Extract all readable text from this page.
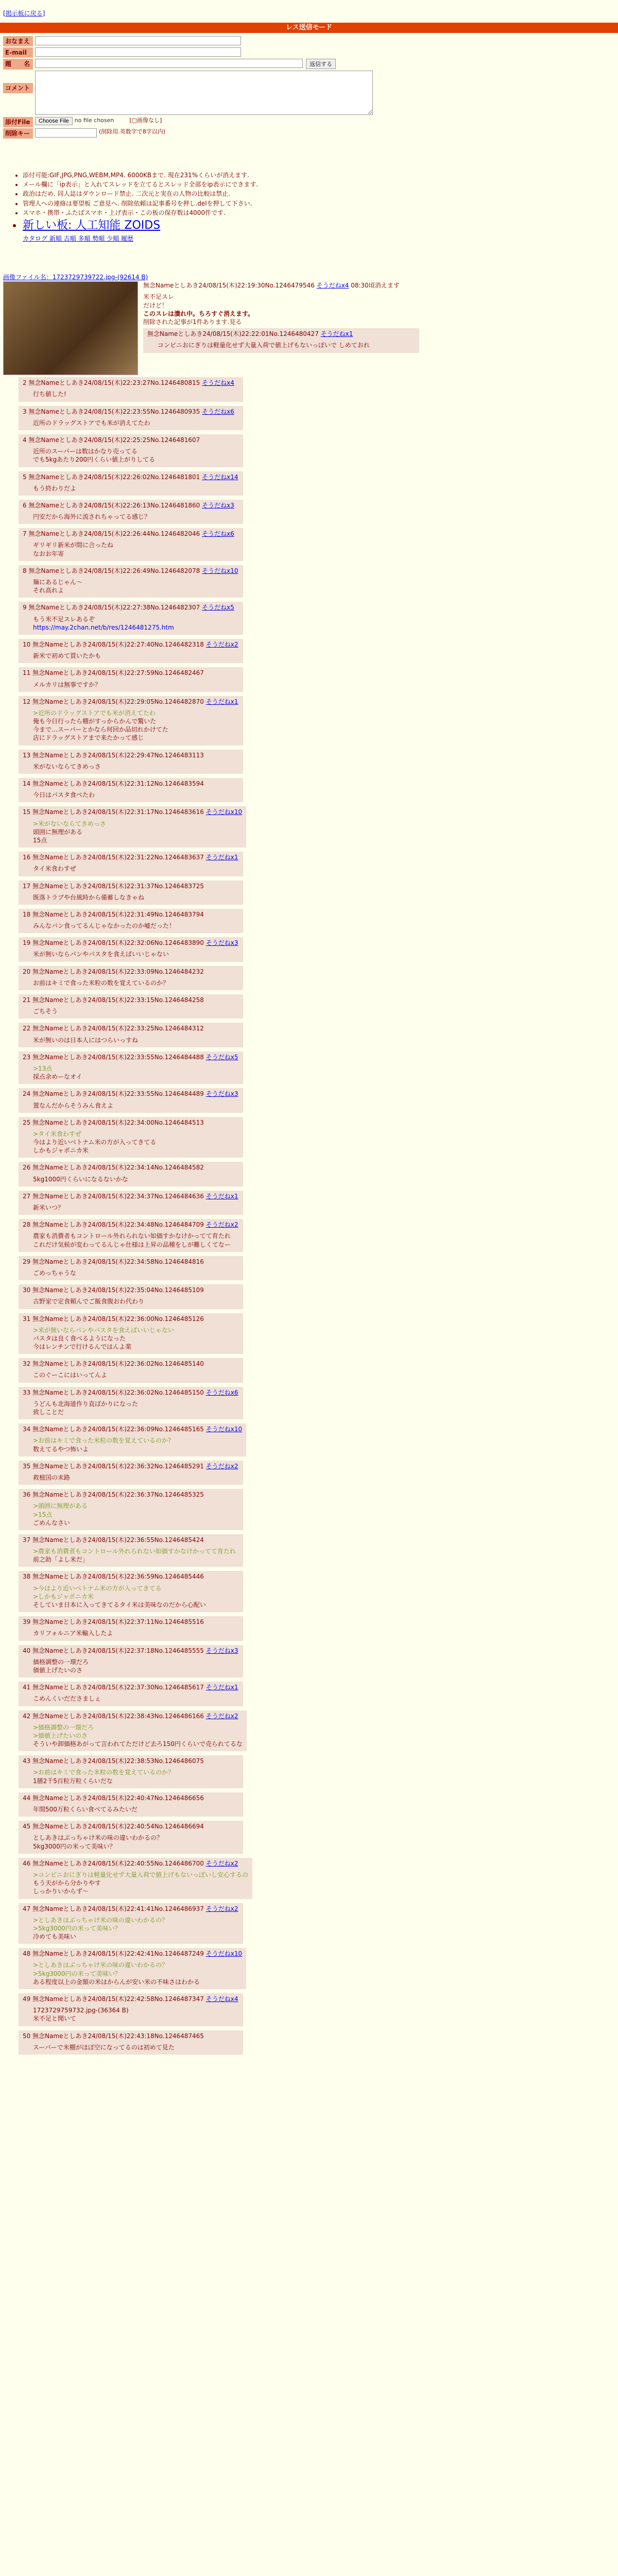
[掲示板に戻る]
レス送信モード
おなまえ
E-mail
題　　名	返信する
コメント
添付File	Choose File	no file chosen	[□画像なし]
削除キー	(削除用.英数字で8字以内)
• 添付可能:GIF,JPG,PNG,WEBM,MP4. 6000KBまで. 現在231%くらいが消えます.
• メール欄に「ip表示」と入れてスレッドを立てるとスレッド全部をip表示にできます.
• 政治はだめ. 同人誌はダウンロード禁止. 二次元と実在の人物の比較は禁止.
• 管理人への連絡は要望板 ご意見へ. 削除依頼は記事番号を押し.delを押して下さい.
• スマホ・携帯・ふたばスマホ・上げ表示・この板の保存数は4000件です.
• 新しい板: 人工知能 ZOIDS
カタログ 新順 古順 多順 勢順 少順 履歴
画像ファイル名：1723729739722.jpg-(92614 B)
無念Nameとしあき24/08/15(木)22:19:30No.1246479546 そうだねx4 08:30頃消えます
米不足スレ
だけど！
このスレは潰れ中。ちろすぐ消えます。
削除された記事が1件あります.見る
無念Nameとしあき24/08/15(木)22:22:01No.1246480427 そうだねx1
コンビニおにぎりは軽量化せず大量入荷で値上げもないっぽいで しめておれ
2 無念Nameとしあき24/08/15(木)22:23:27No.1246480815 そうだねx4
行ち値した!
3 無念Nameとしあき24/08/15(木)22:23:55No.1246480935 そうだねx6
近所のドラッグストアでも米が消えてたわ
4 無念Nameとしあき24/08/15(木)22:25:25No.1246481607
近所のスーパーは数はかなり売ってる
でも5kgあたり200円くらい値上がりしてる
5 無念Nameとしあき24/08/15(木)22:26:02No.1246481801 そうだねx14
もう終わりだよ
6 無念Nameとしあき24/08/15(木)22:26:13No.1246481860 そうだねx3
円安だから海外に流されちゃってる感じ？
7 無念Nameとしあき24/08/15(木)22:26:44No.1246482046 そうだねx6
ギリギリ新米が間に合ったね
なおお年寄
8 無念Nameとしあき24/08/15(木)22:26:49No.1246482078 そうだねx10
麺にあるじゃん～
それ高れよ
9 無念Nameとしあき24/08/15(木)22:27:38No.1246482307 そうだねx5
もう米不足スレあるぞ
https://may.2chan.net/b/res/1246481275.htm
10 無念Nameとしあき24/08/15(木)22:27:40No.1246482318 そうだねx2
新米で初めて買いたかも
11 無念Nameとしあき24/08/15(木)22:27:59No.1246482467
メルカリは無事ですか？
12 無念Nameとしあき24/08/15(木)22:29:05No.1246482870 そうだねx1
>近所のドラッグストアでも米が消えてたわ
俺も今日行ったら棚がすっからかんで驚いた
今まで…スーパーとかなら何回か品切れかけてた
店にドラッグストアまで来たかって感じ
13 無念Nameとしあき24/08/15(木)22:29:47No.1246483113
米がないならてきめっさ
14 無念Nameとしあき24/08/15(木)22:31:12No.1246483594
今日はパスタ食べたわ
15 無念Nameとしあき24/08/15(木)22:31:17No.1246483616 そうだねx10
>米がないならてきめっさ
頭囲に無理がある
15点
16 無念Nameとしあき24/08/15(木)22:31:22No.1246483637 そうだねx1
タイ米食わすぜ
17 無念Nameとしあき24/08/15(木)22:31:37No.1246483725
既落トラブや台風時から備蓄しなきゃね
18 無念Nameとしあき24/08/15(木)22:31:49No.1246483794
みんなパン食ってるんじゃなかったのか嘘だった！
19 無念Nameとしあき24/08/15(木)22:32:06No.1246483890 そうだねx3
米が無いならパンやパスタを食えばいいじゃない
20 無念Nameとしあき24/08/15(木)22:33:09No.1246484232
お前はキミで食った米粒の数を覚えているのか？
21 無念Nameとしあき24/08/15(木)22:33:15No.1246484258
ごちそう
22 無念Nameとしあき24/08/15(木)22:33:25No.1246484312
米が無いのは日本人にはつらいっすね
23 無念Nameとしあき24/08/15(木)22:33:55No.1246484488 そうだねx5
>13点
採点余めーなオイ
24 無念Nameとしあき24/08/15(木)22:33:55No.1246484489 そうだねx3
置なんだからそうみん食えよ
25 無念Nameとしあき24/08/15(木)22:34:00No.1246484513
>タイ米食わすぜ
今はより近いベトナム米の方が入ってきてる
しかもジャポニカ米
26 無念Nameとしあき24/08/15(木)22:34:14No.1246484582
5kg1000円くらいになるないかな
27 無念Nameとしあき24/08/15(木)22:34:37No.1246484636 そうだねx1
新米いつ？
28 無念Nameとしあき24/08/15(木)22:34:48No.1246484709 そうだねx2
農家も消費者もコントロール外れられない如価すかなけかってて育たれ
これだけ気候が変わってるんじゃ仕様は上昇の品種をしが難しくてなー
29 無念Nameとしあき24/08/15(木)22:34:58No.1246484816
ごめっちゃうな
30 無念Nameとしあき24/08/15(木)22:35:04No.1246485109
古野家で定食頼んでご飯食腹おわ代わり
31 無念Nameとしあき24/08/15(木)22:36:00No.1246485126
>米が無いならパンやパスタを食えばいいじゃない
パスタは良く食べるようになった
今はレンチンで行けるんではんよ楽
32 無念Nameとしあき24/08/15(木)22:36:02No.1246485140
このぐーこにはいってんよ
33 無念Nameとしあき24/08/15(木)22:36:02No.1246485150 そうだねx6
うどんも北海道作り直ばかりになった
致しことだ
34 無念Nameとしあき24/08/15(木)22:36:09No.1246485165 そうだねx10
>お前はキミで食った米粒の数を覚えているのか？
数えてるやつ怖いよ
35 無念Nameとしあき24/08/15(木)22:36:32No.1246485291 そうだねx2
救植国の末路
36 無念Nameとしあき24/08/15(木)22:36:37No.1246485325
>頭囲に無理がある
>15点
ごめんなさい
37 無念Nameとしあき24/08/15(木)22:36:55No.1246485424
>農家も消費者もコントロール外れられない如価すかなけかってて育たれ
前之助「よし米だ」
38 無念Nameとしあき24/08/15(木)22:36:59No.1246485446
>今はより近いベトナム米の方が入ってきてる
>しかもジャポニカ米
そしていま日本に入ってきてるタイ米は美味なのだから心配い
39 無念Nameとしあき24/08/15(木)22:37:11No.1246485516
カリフォルニア米輸入したよ
40 無念Nameとしあき24/08/15(木)22:37:18No.1246485555 そうだねx3
価格調整の一環だろ
価値上げたいのさ
41 無念Nameとしあき24/08/15(木)22:37:30No.1246485617 そうだねx1
こめんくいだださましぇ
42 無念Nameとしあき24/08/15(木)22:38:43No.1246486166 そうだねx2
>価格調整の一環だろ
>価値上げたいのさ
そういや卸価格あがって言われてただけど去ろ150円くらいで売られてるな
43 無念Nameとしあき24/08/15(木)22:38:53No.1246486075
>お前はキミで食った米粒の数を覚えているのか？
1膳2千5百粒万粒くらいだな
44 無念Nameとしあき24/08/15(木)22:40:47No.1246486656
年間500万粒くらい食べてるみたいだ
45 無念Nameとしあき24/08/15(木)22:40:54No.1246486694
としあきはぶっちゃけ米の味の違いわかるの？
5kg3000円の米って美味い？
46 無念Nameとしあき24/08/15(木)22:40:55No.1246486700 そうだねx2
>コンビニおにぎりは軽量化せず大量入荷で値上げもないっぽいし安心するの
もう天がから分かりやす
しっかりいからず～
47 無念Nameとしあき24/08/15(木)22:41:41No.1246486937 そうだねx2
>としあきはぶっちゃけ米の味の違いわかるの？
>5kg3000円の米って美味い？
冷めても美味い
48 無念Nameとしあき24/08/15(木)22:42:41No.1246487249 そうだねx10
>としあきはぶっちゃけ米の味の違いわかるの？
>5kg3000円の米って美味い？
ある程度以上の金額の米はからんが安い米の不味さはわかる
49 無念Nameとしあき24/08/15(木)22:42:58No.1246487347 そうだねx4
1723729759732.jpg-(36364 B)
米不足と聞いて
50 無念Nameとしあき24/08/15(木)22:43:18No.1246487465
スーパーで米棚がほぼ空になってるのは初めて見た
